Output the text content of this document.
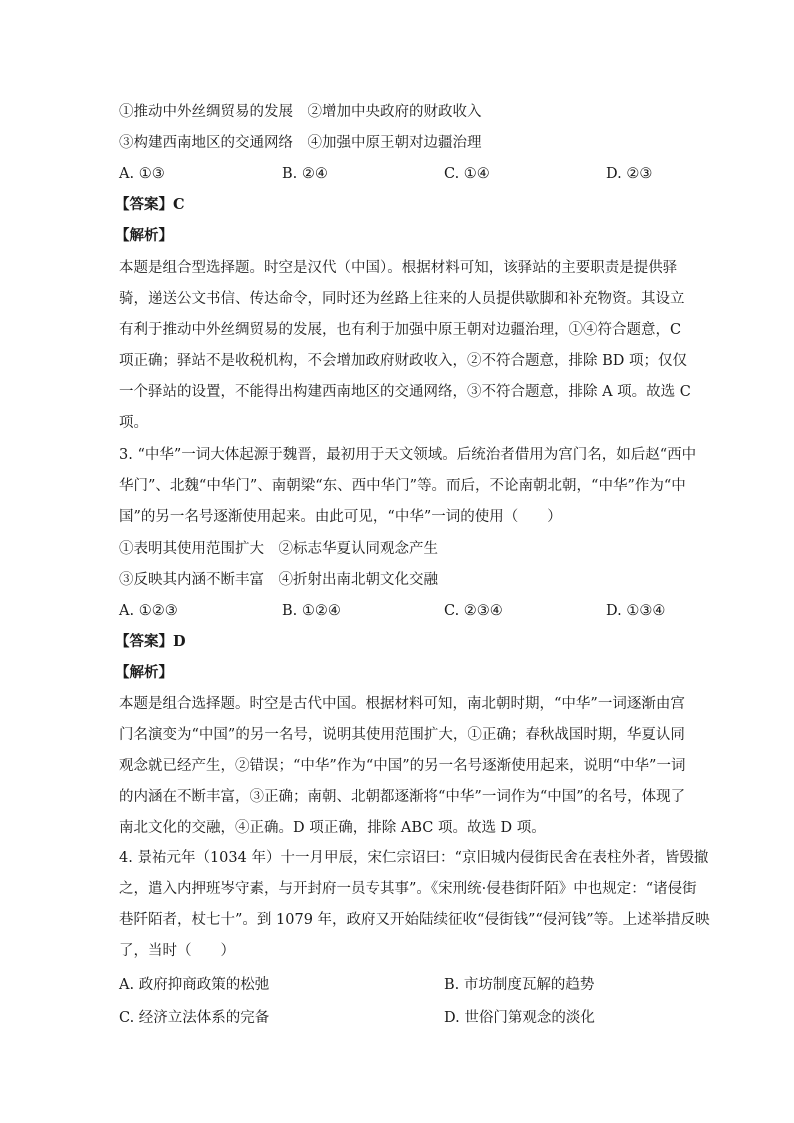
①推动中外丝绸贸易的发展　②增加中央政府的财政收入
③构建西南地区的交通网络　④加强中原王朝对边疆治理
A. ①③	B. ②④	C. ①④	D. ②③
【答案】C
【解析】
本题是组合型选择题。时空是汉代（中国）。根据材料可知，该驿站的主要职责是提供驿
骑，递送公文书信、传达命令，同时还为丝路上往来的人员提供歇脚和补充物资。其设立
有利于推动中外丝绸贸易的发展，也有利于加强中原王朝对边疆治理，①④符合题意，C
项正确；驿站不是收税机构，不会增加政府财政收入，②不符合题意，排除 BD 项；仅仅
一个驿站的设置，不能得出构建西南地区的交通网络，③不符合题意，排除 A 项。故选 C
项。
3. “中华”一词大体起源于魏晋，最初用于天文领域。后统治者借用为宫门名，如后赵“西中
华门”、北魏“中华门”、南朝梁“东、西中华门”等。而后，不论南朝北朝，“中华”作为“中
国”的另一名号逐渐使用起来。由此可见，“中华”一词的使用（　　）
①表明其使用范围扩大　②标志华夏认同观念产生
③反映其内涵不断丰富　④折射出南北朝文化交融
A. ①②③	B. ①②④	C. ②③④	D. ①③④
【答案】D
【解析】
本题是组合选择题。时空是古代中国。根据材料可知，南北朝时期，“中华”一词逐渐由宫
门名演变为“中国”的另一名号，说明其使用范围扩大，①正确；春秋战国时期，华夏认同
观念就已经产生，②错误；“中华”作为“中国”的另一名号逐渐使用起来，说明“中华”一词
的内涵在不断丰富，③正确；南朝、北朝都逐渐将“中华”一词作为“中国”的名号，体现了
南北文化的交融，④正确。D 项正确，排除 ABC 项。故选 D 项。
4. 景祐元年（1034 年）十一月甲辰，宋仁宗诏曰：“京旧城内侵街民舍在表柱外者，皆毁撤
之，遣入内押班岑守素，与开封府一员专其事”。《宋刑统·侵巷街阡陌》中也规定：“诸侵街
巷阡陌者，杖七十”。到 1079 年，政府又开始陆续征收“侵街钱”“侵河钱”等。上述举措反映
了，当时（　　）
A. 政府抑商政策的松弛	B. 市坊制度瓦解的趋势
C. 经济立法体系的完备	D. 世俗门第观念的淡化
